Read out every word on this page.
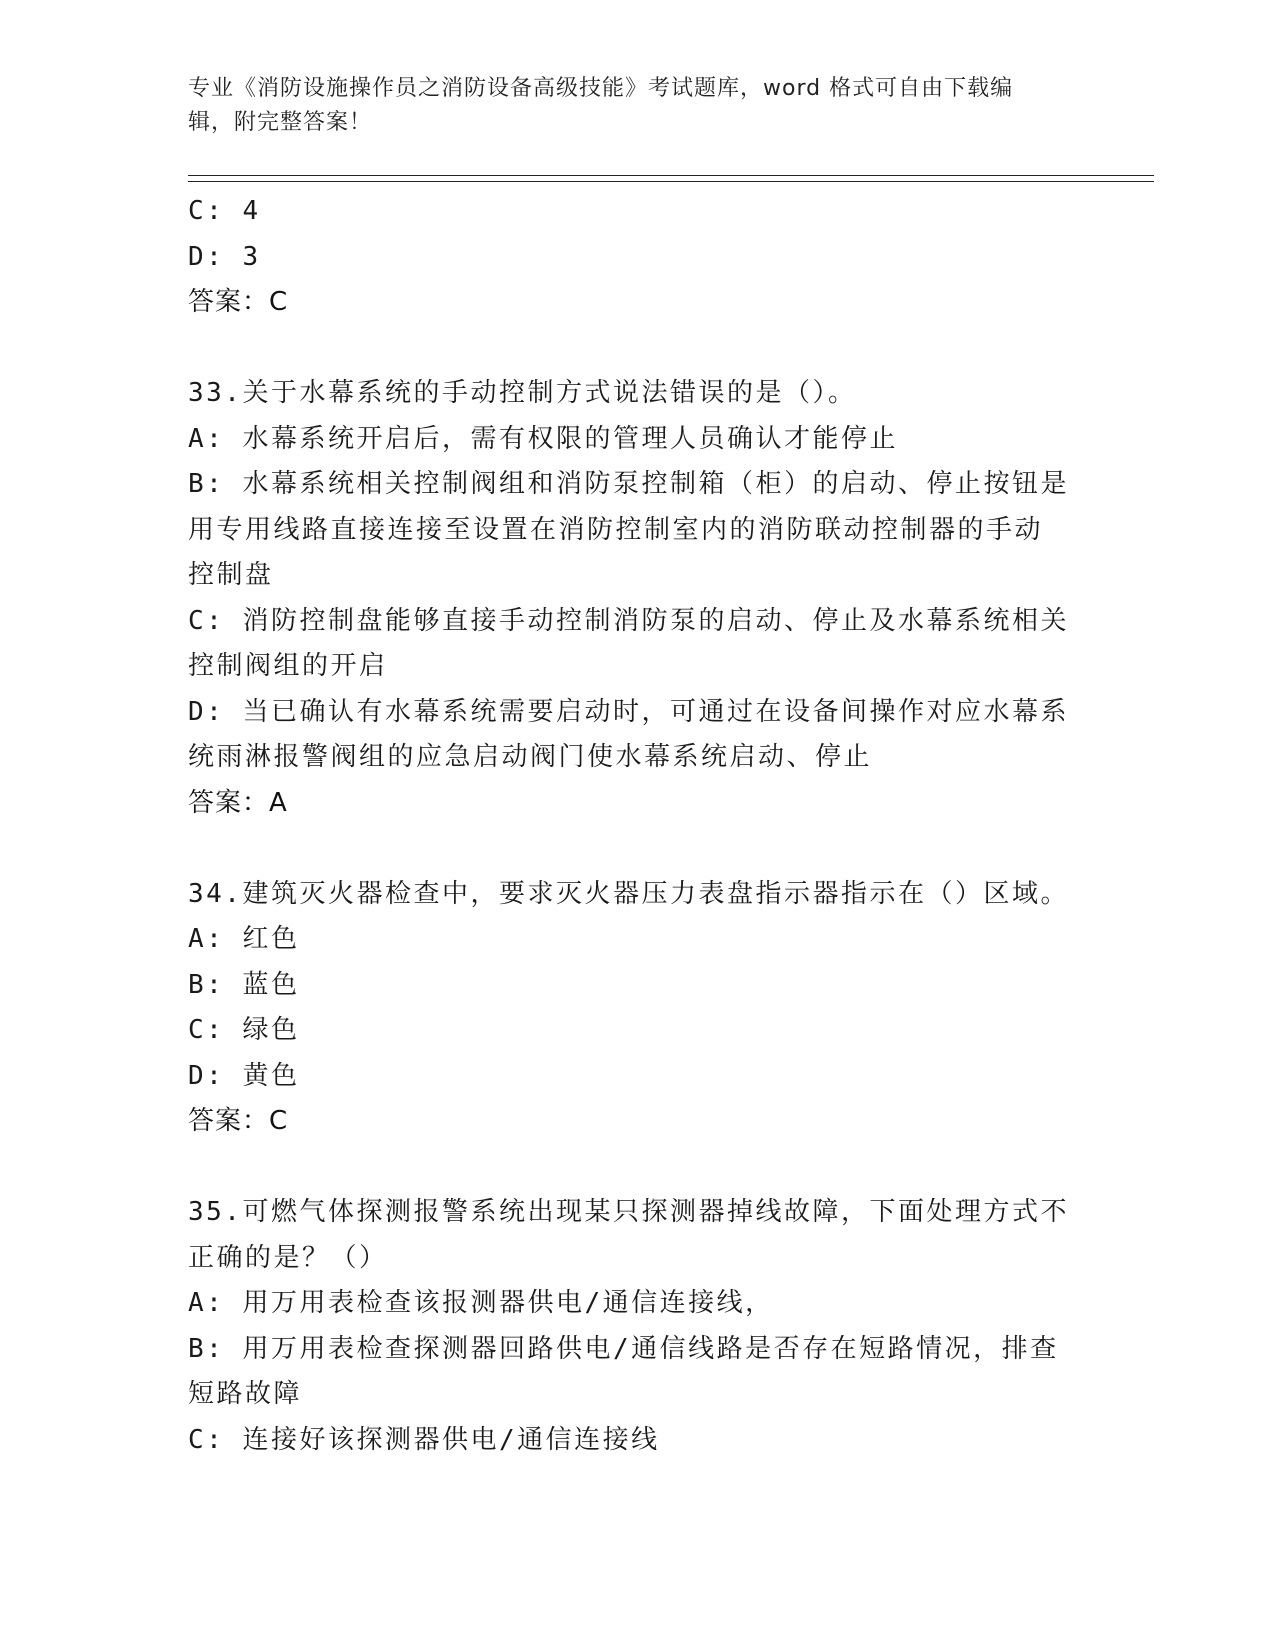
专业《消防设施操作员之消防设备高级技能》考试题库，word 格式可自由下载编
辑，附完整答案！
C: 4
D: 3
答案：C
33.关于水幕系统的手动控制方式说法错误的是（）。
A: 水幕系统开启后，需有权限的管理人员确认才能停止
B: 水幕系统相关控制阀组和消防泵控制箱（柜）的启动、停止按钮是
用专用线路直接连接至设置在消防控制室内的消防联动控制器的手动
控制盘
C: 消防控制盘能够直接手动控制消防泵的启动、停止及水幕系统相关
控制阀组的开启
D: 当已确认有水幕系统需要启动时，可通过在设备间操作对应水幕系
统雨淋报警阀组的应急启动阀门使水幕系统启动、停止
答案：A
34.建筑灭火器检查中，要求灭火器压力表盘指示器指示在（）区域。
A: 红色
B: 蓝色
C: 绿色
D: 黄色
答案：C
35.可燃气体探测报警系统出现某只探测器掉线故障，下面处理方式不
正确的是？（）
A: 用万用表检查该报测器供电/通信连接线，
B: 用万用表检查探测器回路供电/通信线路是否存在短路情况，排查
短路故障
C: 连接好该探测器供电/通信连接线
